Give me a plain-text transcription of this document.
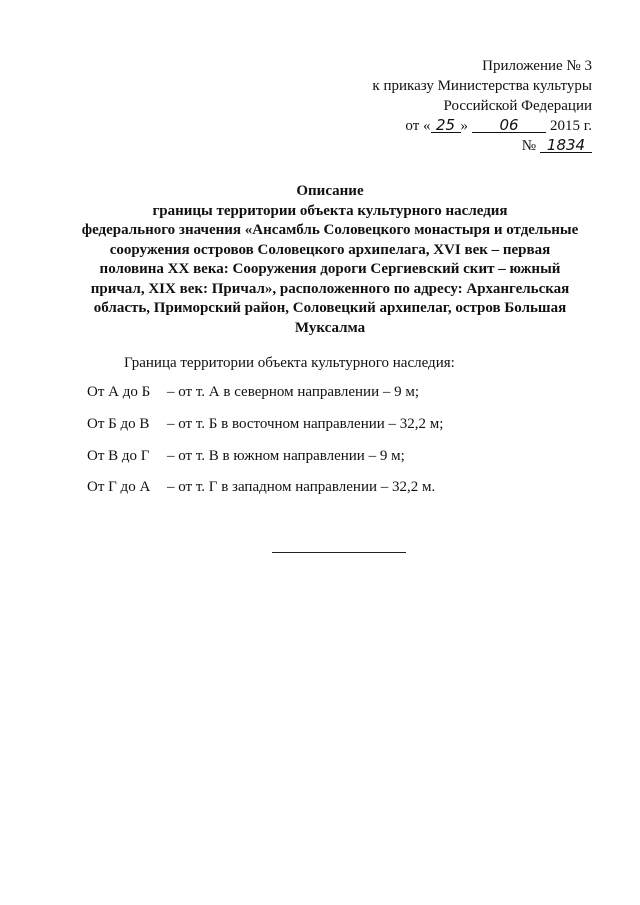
Приложение № 3
к приказу Министерства культуры
Российской Федерации
от « 25 » 06 2015 г.
№ 1834
Описание
границы территории объекта культурного наследия
федерального значения «Ансамбль Соловецкого монастыря и отдельные
сооружения островов Соловецкого архипелага, XVI век – первая
половина XX века: Сооружения дороги Сергиевский скит – южный
причал, XIX век: Причал», расположенного по адресу: Архангельская
область, Приморский район, Соловецкий архипелаг, остров Большая
Муксалма
Граница территории объекта культурного наследия:
От А до Б – от т. А в северном направлении – 9 м;
От Б до В – от т. Б в восточном направлении – 32,2 м;
От В до Г – от т. В в южном направлении – 9 м;
От Г до А – от т. Г в западном направлении – 32,2 м.
